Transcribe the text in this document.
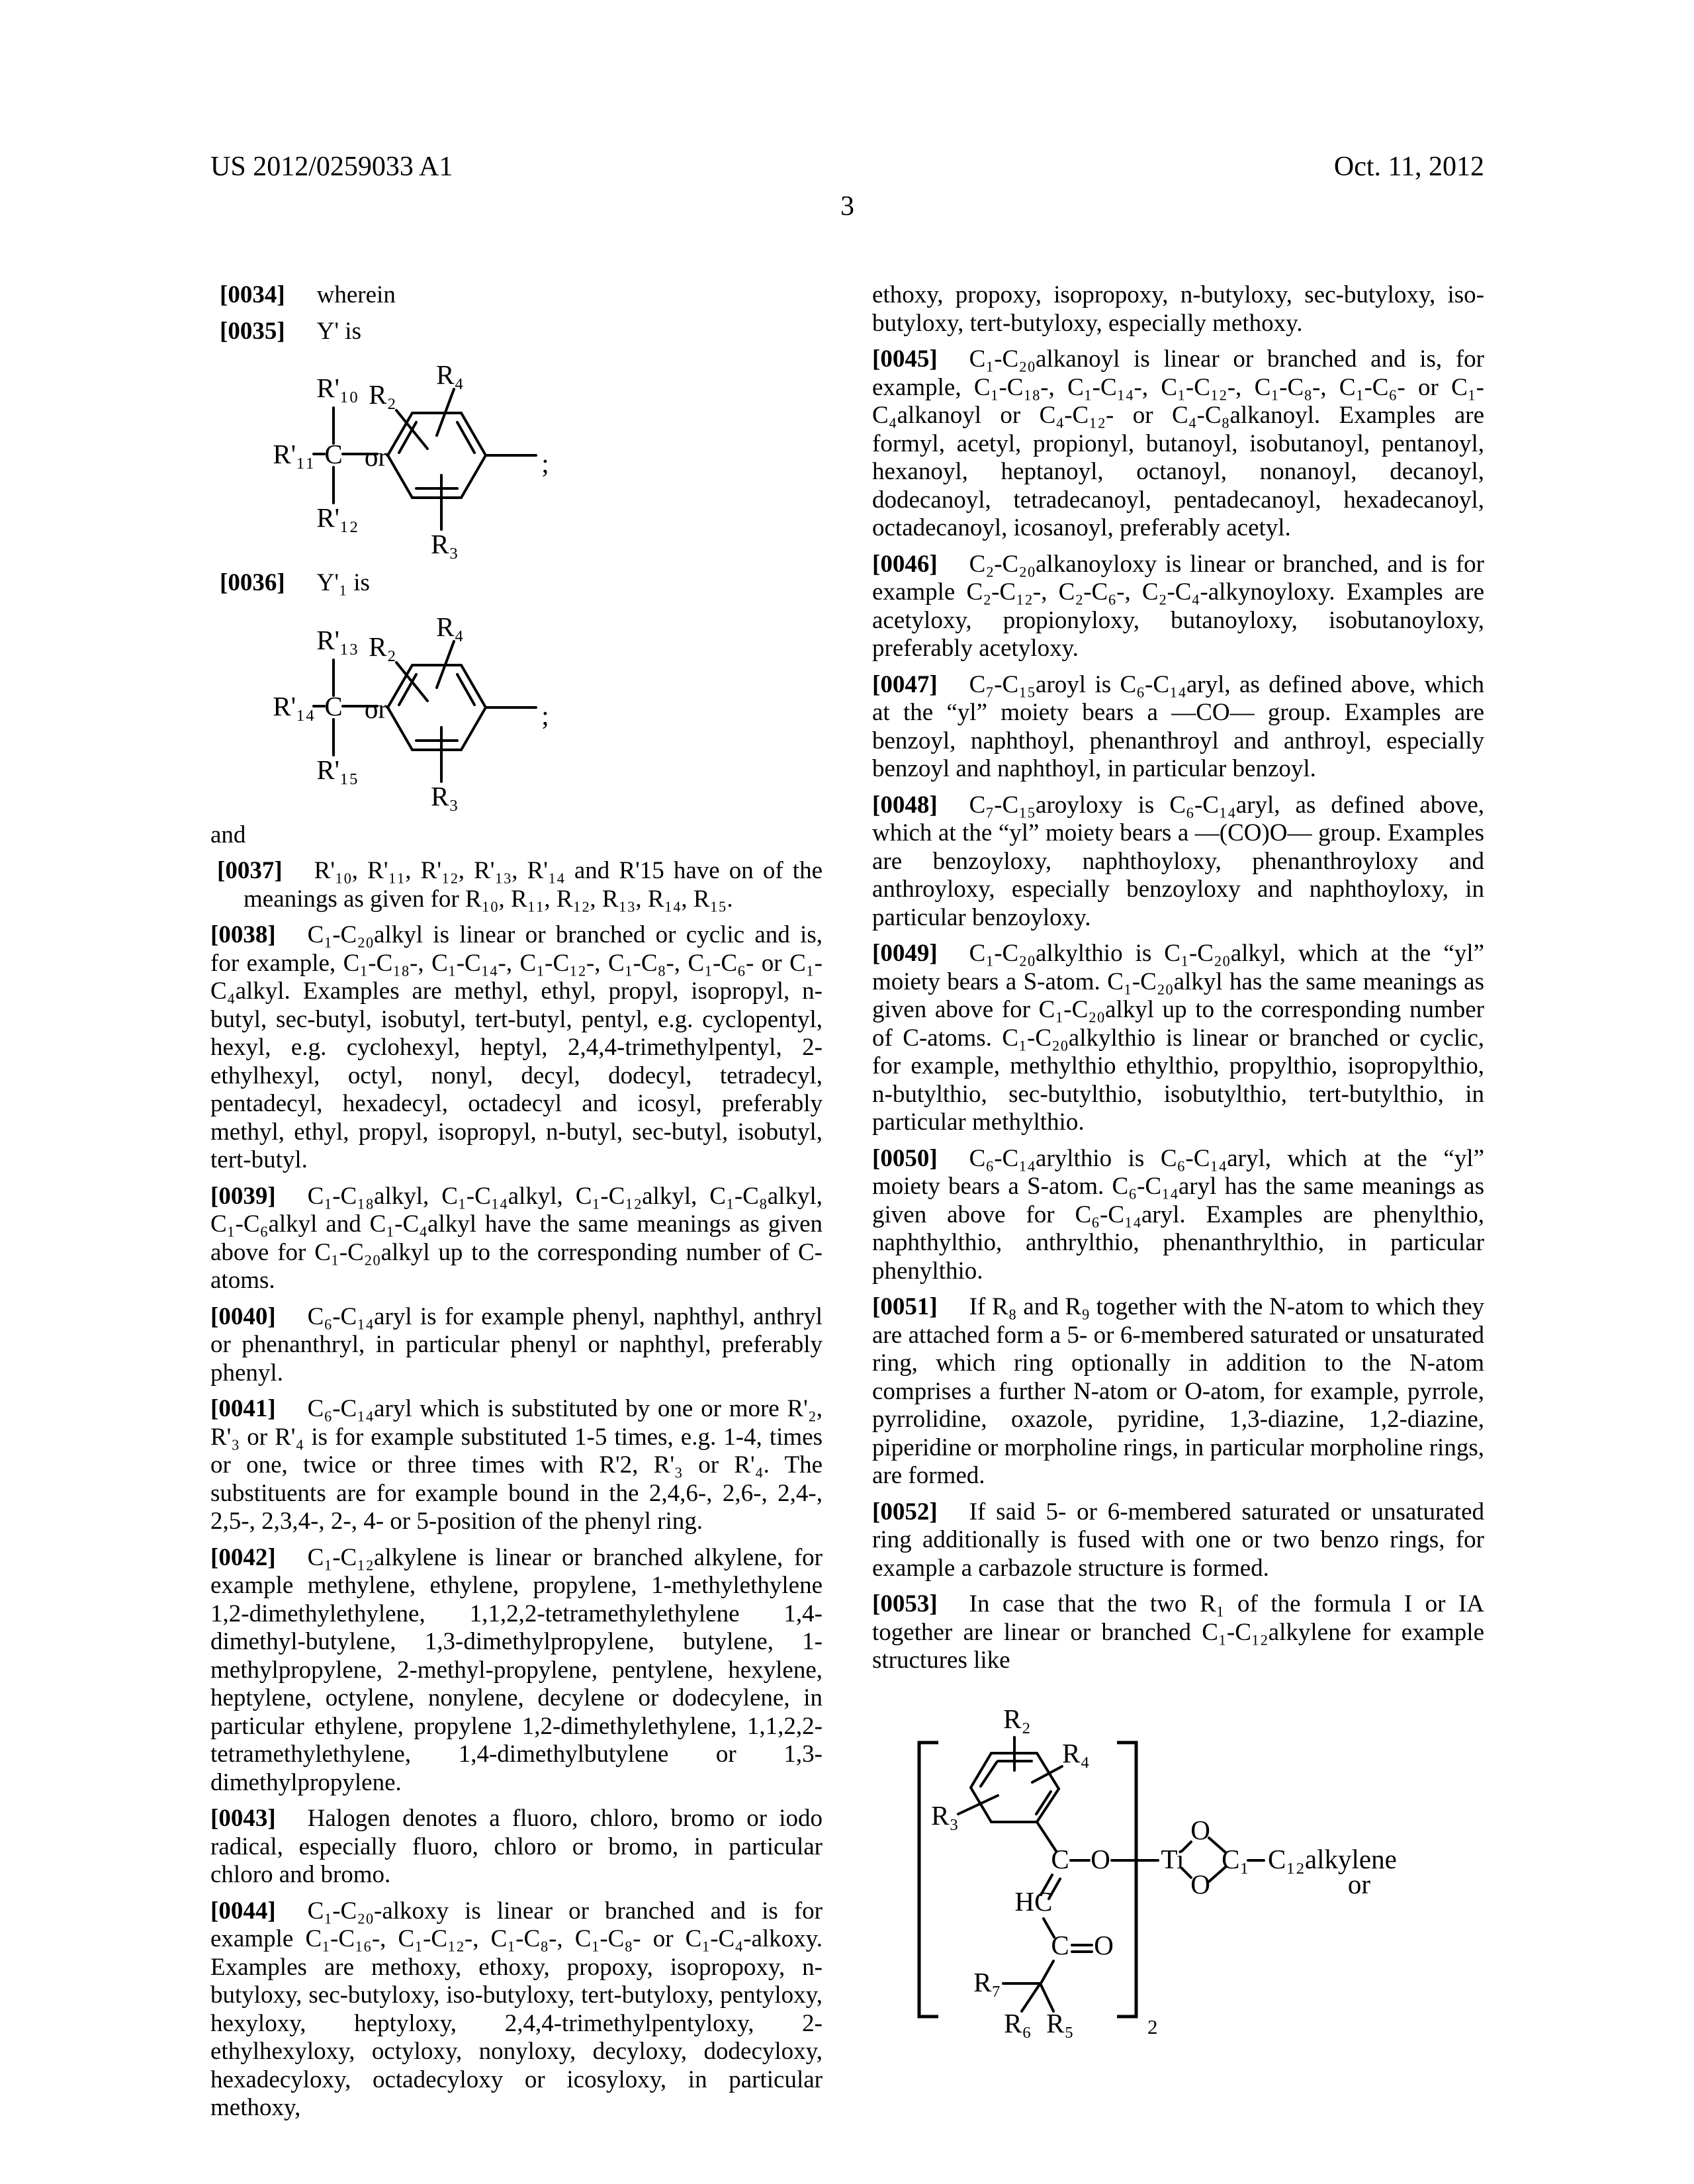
US 2012/0259033 A1	Oct. 11, 2012
3

[0034] wherein

[0035] Y' is

R'₁₀
R'₁₁ C
R'₁₂
or
R₄
R₂
R₃
;

[0036] Y'₁ is

R'₁₃
R'₁₄ C
R'₁₅
or
R₄
R₂
R₃
;

and

[0037] R'₁₀, R'₁₁, R'₁₂, R'₁₃, R'₁₄ and R'15 have on of the meanings as given for R₁₀, R₁₁, R₁₂, R₁₃, R₁₄, R₁₅.

[0038] C₁-C₂₀alkyl is linear or branched or cyclic and is, for example, C₁-C₁₈-, C₁-C₁₄-, C₁-C₁₂-, C₁-C₈-, C₁-C₆- or C₁-C₄alkyl. Examples are methyl, ethyl, propyl, isopropyl, n-butyl, sec-butyl, isobutyl, tert-butyl, pentyl, e.g. cyclopentyl, hexyl, e.g. cyclohexyl, heptyl, 2,4,4-trimethylpentyl, 2-ethylhexyl, octyl, nonyl, decyl, dodecyl, tetradecyl, pentadecyl, hexadecyl, octadecyl and icosyl, preferably methyl, ethyl, propyl, isopropyl, n-butyl, sec-butyl, isobutyl, tert-butyl.

[0039] C₁-C₁₈alkyl, C₁-C₁₄alkyl, C₁-C₁₂alkyl, C₁-C₈alkyl, C₁-C₆alkyl and C₁-C₄alkyl have the same meanings as given above for C₁-C₂₀alkyl up to the corresponding number of C-atoms.

[0040] C₆-C₁₄aryl is for example phenyl, naphthyl, anthryl or phenanthryl, in particular phenyl or naphthyl, preferably phenyl.

[0041] C₆-C₁₄aryl which is substituted by one or more R'₂, R'₃ or R'₄ is for example substituted 1-5 times, e.g. 1-4, times or one, twice or three times with R'2, R'₃ or R'₄. The substituents are for example bound in the 2,4,6-, 2,6-, 2,4-, 2,5-, 2,3,4-, 2-, 4- or 5-position of the phenyl ring.

[0042] C₁-C₁₂alkylene is linear or branched alkylene, for example methylene, ethylene, propylene, 1-methylethylene 1,2-dimethylethylene, 1,1,2,2-tetramethylethylene 1,4-dimethyl-butylene, 1,3-dimethylpropylene, butylene, 1-methylpropylene, 2-methyl-propylene, pentylene, hexylene, heptylene, octylene, nonylene, decylene or dodecylene, in particular ethylene, propylene 1,2-dimethylethylene, 1,1,2,2-tetramethylethylene, 1,4-dimethylbutylene or 1,3-dimethylpropylene.

[0043] Halogen denotes a fluoro, chloro, bromo or iodo radical, especially fluoro, chloro or bromo, in particular chloro and bromo.

[0044] C₁-C₂₀-alkoxy is linear or branched and is for example C₁-C₁₆-, C₁-C₁₂-, C₁-C₈-, C₁-C₈- or C₁-C₄-alkoxy. Examples are methoxy, ethoxy, propoxy, isopropoxy, n-butyloxy, sec-butyloxy, iso-butyloxy, tert-butyloxy, pentyloxy, hexyloxy, heptyloxy, 2,4,4-trimethylpentyloxy, 2-ethylhexyloxy, octyloxy, nonyloxy, decyloxy, dodecyloxy, hexadecyloxy, octadecyloxy or icosyloxy, in particular methoxy,

ethoxy, propoxy, isopropoxy, n-butyloxy, sec-butyloxy, iso-butyloxy, tert-butyloxy, especially methoxy.

[0045] C₁-C₂₀alkanoyl is linear or branched and is, for example, C₁-C₁₈-, C₁-C₁₄-, C₁-C₁₂-, C₁-C₈-, C₁-C₆- or C₁-C₄alkanoyl or C₄-C₁₂- or C₄-C₈alkanoyl. Examples are formyl, acetyl, propionyl, butanoyl, isobutanoyl, pentanoyl, hexanoyl, heptanoyl, octanoyl, nonanoyl, decanoyl, dodecanoyl, tetradecanoyl, pentadecanoyl, hexadecanoyl, octadecanoyl, icosanoyl, preferably acetyl.

[0046] C₂-C₂₀alkanoyloxy is linear or branched, and is for example C₂-C₁₂-, C₂-C₆-, C₂-C₄-alkynoyloxy. Examples are acetyloxy, propionyloxy, butanoyloxy, isobutanoyloxy, preferably acetyloxy.

[0047] C₇-C₁₅aroyl is C₆-C₁₄aryl, as defined above, which at the “yl” moiety bears a —CO— group. Examples are benzoyl, naphthoyl, phenanthroyl and anthroyl, especially benzoyl and naphthoyl, in particular benzoyl.

[0048] C₇-C₁₅aroyloxy is C₆-C₁₄aryl, as defined above, which at the “yl” moiety bears a —(CO)O— group. Examples are benzoyloxy, naphthoyloxy, phenanthroyloxy and anthroyloxy, especially benzoyloxy and naphthoyloxy, in particular benzoyloxy.

[0049] C₁-C₂₀alkylthio is C₁-C₂₀alkyl, which at the “yl” moiety bears a S-atom. C₁-C₂₀alkyl has the same meanings as given above for C₁-C₂₀alkyl up to the corresponding number of C-atoms. C₁-C₂₀alkylthio is linear or branched or cyclic, for example, methylthio ethylthio, propylthio, isopropylthio, n-butylthio, sec-butylthio, isobutylthio, tert-butylthio, in particular methylthio.

[0050] C₆-C₁₄arylthio is C₆-C₁₄aryl, which at the “yl” moiety bears a S-atom. C₆-C₁₄aryl has the same meanings as given above for C₆-C₁₄aryl. Examples are phenylthio, naphthylthio, anthrylthio, phenanthrylthio, in particular phenylthio.

[0051] If R₈ and R₉ together with the N-atom to which they are attached form a 5- or 6-membered saturated or unsaturated ring, which ring optionally in addition to the N-atom comprises a further N-atom or O-atom, for example, pyrrole, pyrrolidine, oxazole, pyridine, 1,3-diazine, 1,2-diazine, piperidine or morpholine rings, in particular morpholine rings, are formed.

[0052] If said 5- or 6-membered saturated or unsaturated ring additionally is fused with one or two benzo rings, for example a carbazole structure is formed.

[0053] In case that the two R₁ of the formula I or IA together are linear or branched C₁-C₁₂alkylene for example structures like

2
R₂
R₄
R₃
C O
HC
C O
R₇
R₆ R₅
Ti
O
O
C₁ C₁₂alkylene
or
